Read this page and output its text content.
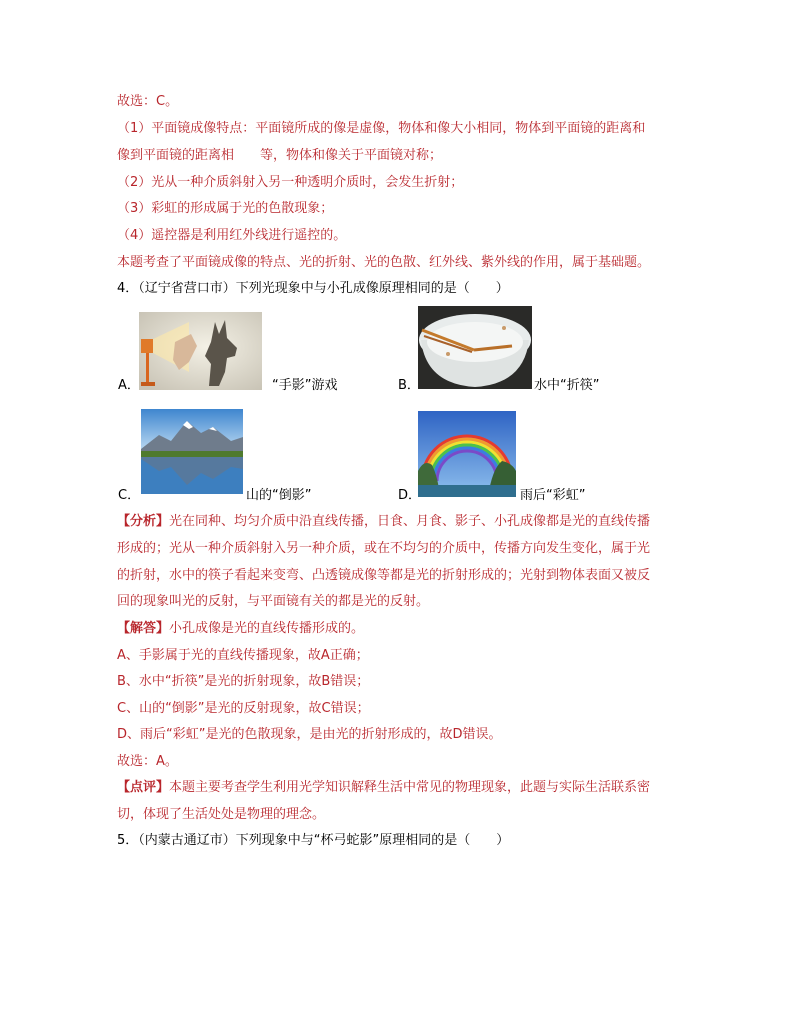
故选：C。
（1）平面镜成像特点：平面镜所成的像是虚像，物体和像大小相同，物体到平面镜的距离和
像到平面镜的距离相　　等，物体和像关于平面镜对称；
（2）光从一种介质斜射入另一种透明介质时，会发生折射；
（3）彩虹的形成属于光的色散现象；
（4）遥控器是利用红外线进行遥控的。
本题考查了平面镜成像的特点、光的折射、光的色散、红外线、紫外线的作用，属于基础题。
4．（辽宁省营口市）下列光现象中与小孔成像原理相同的是（　　）
A．	“手影”游戏	B．	水中“折筷”
C．	山的“倒影”	D．	雨后“彩虹”
【分析】光在同种、均匀介质中沿直线传播，日食、月食、影子、小孔成像都是光的直线传播
形成的；光从一种介质斜射入另一种介质，或在不均匀的介质中，传播方向发生变化，属于光
的折射，水中的筷子看起来变弯、凸透镜成像等都是光的折射形成的；光射到物体表面又被反
回的现象叫光的反射，与平面镜有关的都是光的反射。
【解答】小孔成像是光的直线传播形成的。
A、手影属于光的直线传播现象，故A正确；
B、水中“折筷”是光的折射现象，故B错误；
C、山的“倒影”是光的反射现象，故C错误；
D、雨后“彩虹”是光的色散现象，是由光的折射形成的，故D错误。
故选：A。
【点评】本题主要考查学生利用光学知识解释生活中常见的物理现象，此题与实际生活联系密
切，体现了生活处处是物理的理念。
5．（内蒙古通辽市）下列现象中与“杯弓蛇影”原理相同的是（　　）
